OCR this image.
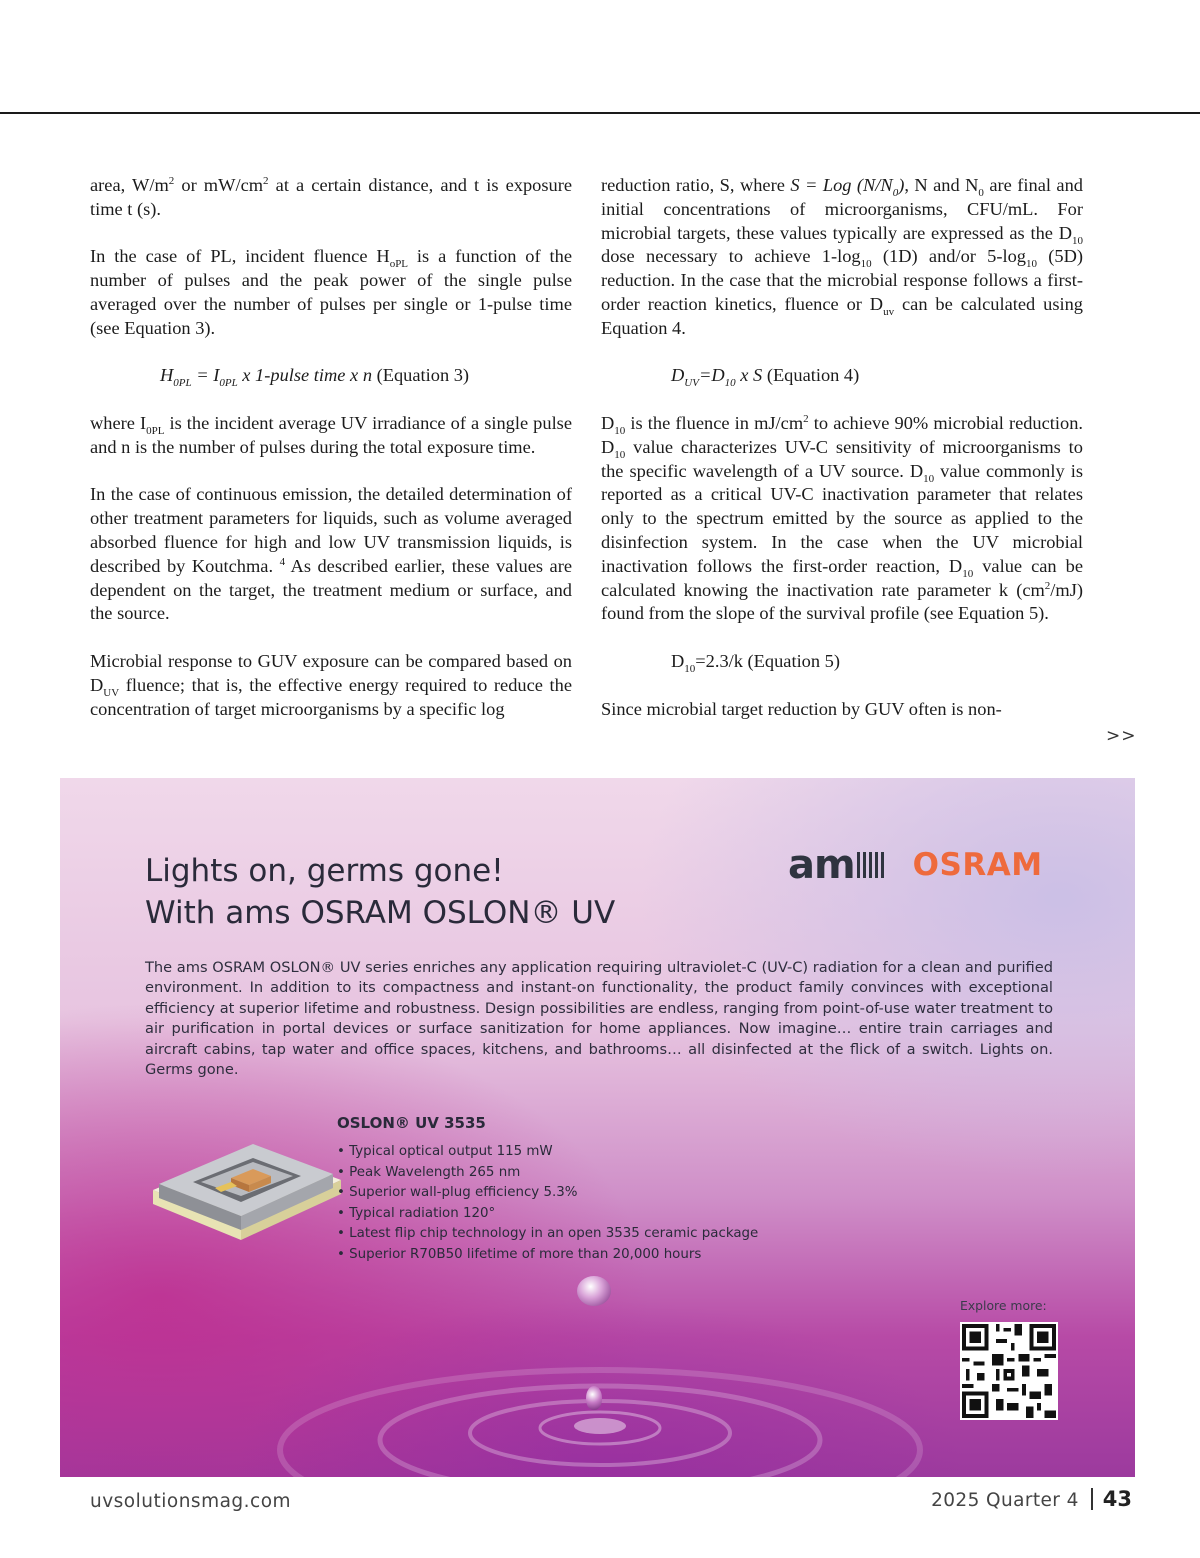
area, $W/m^2$ or $mW/cm^2$ at a certain distance, and t is exposure time t (s).

In the case of PL, incident fluence $H_{oPL}$ is a function of the number of pulses and the peak power of the single pulse averaged over the number of pulses per single or 1-pulse time (see Equation 3).

$H_{0PL} = I_{0PL}$ x 1-pulse time x n (Equation 3)

where $I_{0PL}$ is the incident average UV irradiance of a single pulse and n is the number of pulses during the total exposure time.

In the case of continuous emission, the detailed determination of other treatment parameters for liquids, such as volume averaged absorbed fluence for high and low UV transmission liquids, is described by Koutchma. $^4$ As described earlier, these values are dependent on the target, the treatment medium or surface, and the source.

Microbial response to GUV exposure can be compared based on $D_{UV}$ fluence; that is, the effective energy required to reduce the concentration of target microorganisms by a specific log

reduction ratio, S, where S = Log $(N/N_0)$, N and $N_0$ are final and initial concentrations of microorganisms, CFU/mL. For microbial targets, these values typically are expressed as the $D_{10}$ dose necessary to achieve $1-\log_{10}$ (1D) and/or $5-\log_{10}$ (5D) reduction. In the case that the microbial response follows a first-order reaction kinetics, fluence or $D_{uv}$ can be calculated using Equation 4.

$D_{UV}=D_{10}$ x S (Equation 4)

$D_{10}$ is the fluence in $mJ/cm^2$ to achieve 90% microbial reduction. $D_{10}$ value characterizes UV-C sensitivity of microorganisms to the specific wavelength of a UV source. $D_{10}$ value commonly is reported as a critical UV-C inactivation parameter that relates only to the spectrum emitted by the source as applied to the disinfection system. In the case when the UV microbial inactivation follows the first-order reaction, $D_{10}$ value can be calculated knowing the inactivation rate parameter k $(cm^2/mJ)$ found from the slope of the survival profile (see Equation 5).

$D_{10}=2.3/k$ (Equation 5)

Since microbial target reduction by GUV often is non-

>>
Lights on, germs gone!
With ams OSRAM OSLON® UV
am OSRAM
The ams OSRAM OSLON® UV series enriches any application requiring ultraviolet-C (UV-C) radiation for a clean and purified environment. In addition to its compactness and instant-on functionality, the product family convinces with exceptional efficiency at superior lifetime and robustness. Design possibilities are endless, ranging from point-of-use water treatment to air purification in portal devices or surface sanitization for home appliances. Now imagine… entire train carriages and aircraft cabins, tap water and office spaces, kitchens, and bathrooms… all disinfected at the flick of a switch. Lights on. Germs gone.
OSLON® UV 3535
• Typical optical output 115 mW
• Peak Wavelength 265 nm
• Superior wall-plug efficiency 5.3%
• Typical radiation 120°
• Latest flip chip technology in an open 3535 ceramic package
• Superior R70B50 lifetime of more than 20,000 hours
Explore more:
uvsolutionsmag.com	2025 Quarter 4 43
